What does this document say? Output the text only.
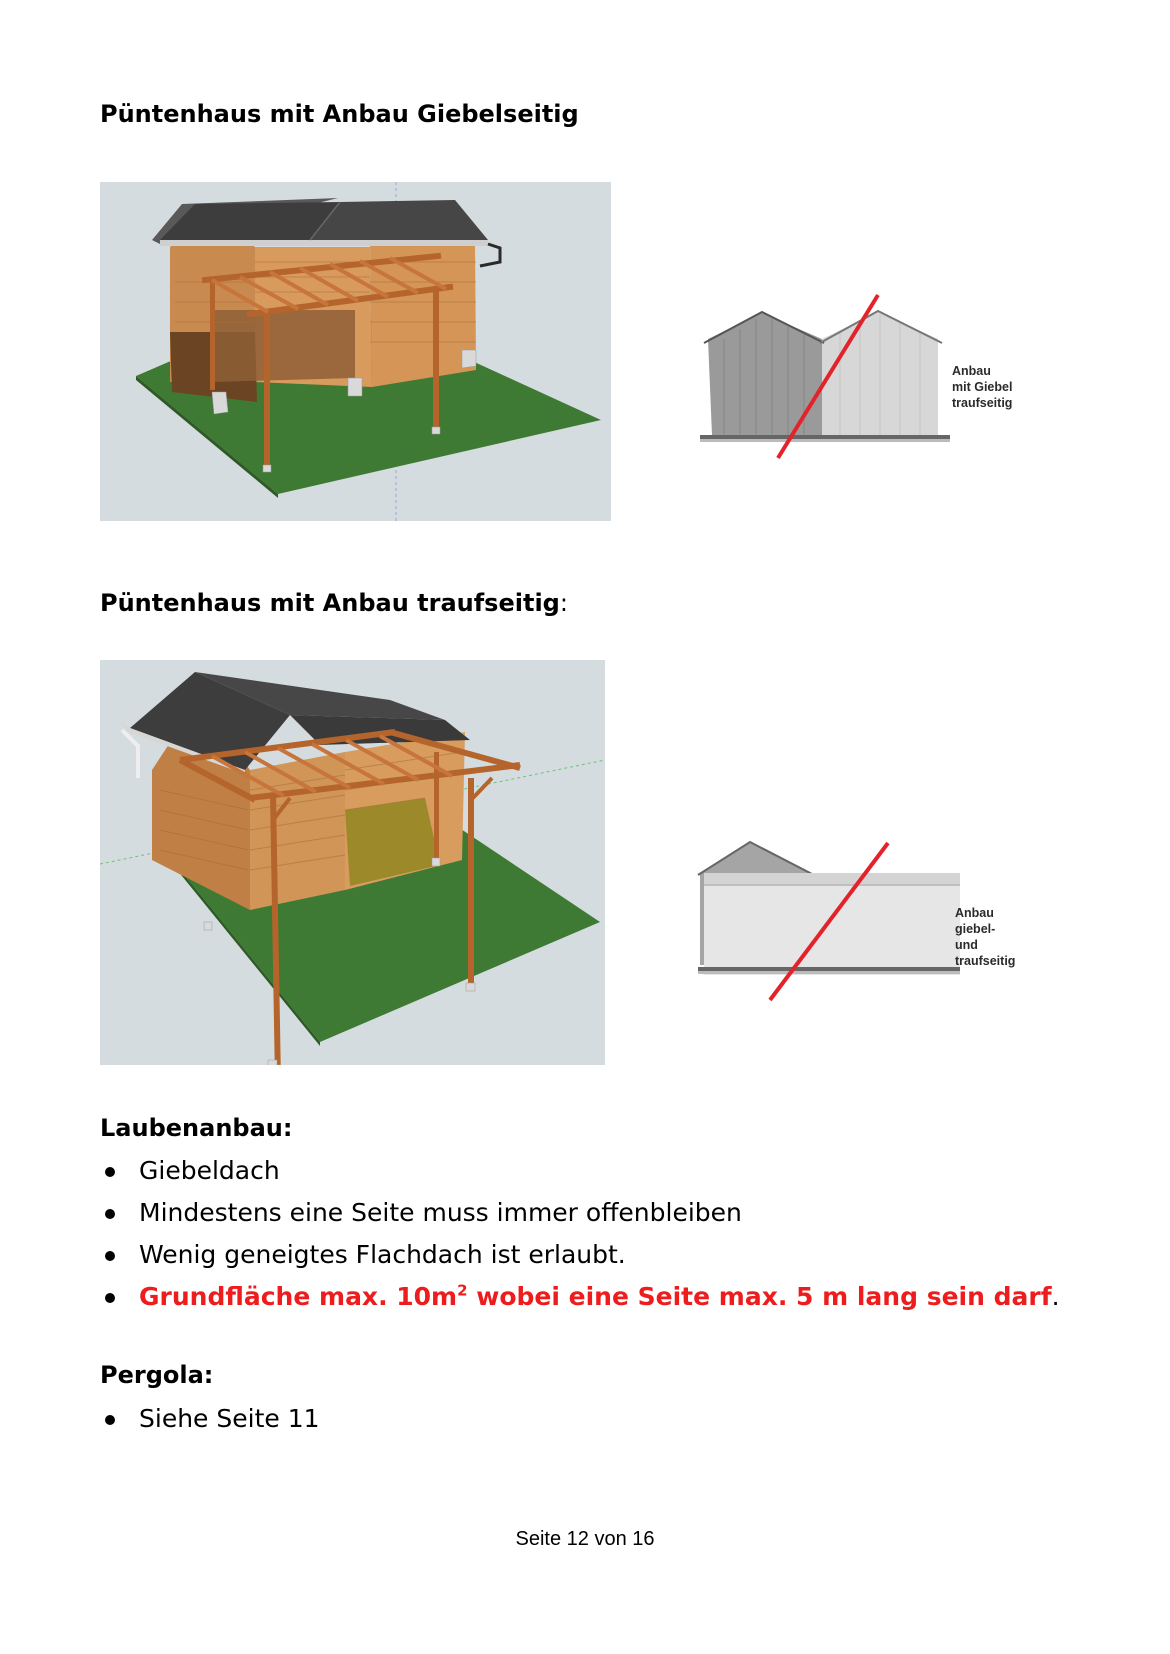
Püntenhaus mit Anbau Giebelseitig
Anbau mit Giebel
traufseitig
Püntenhaus mit Anbau traufseitig:
Anbau giebel-
und traufseitig
Laubenanbau:
Giebeldach
Mindestens eine Seite muss immer offenbleiben
Wenig geneigtes Flachdach ist erlaubt.
Grundfläche max. $10m^2$ wobei eine Seite max. 5 m lang sein darf.
Pergola:
Siehe Seite 11
Seite 12 von 16
